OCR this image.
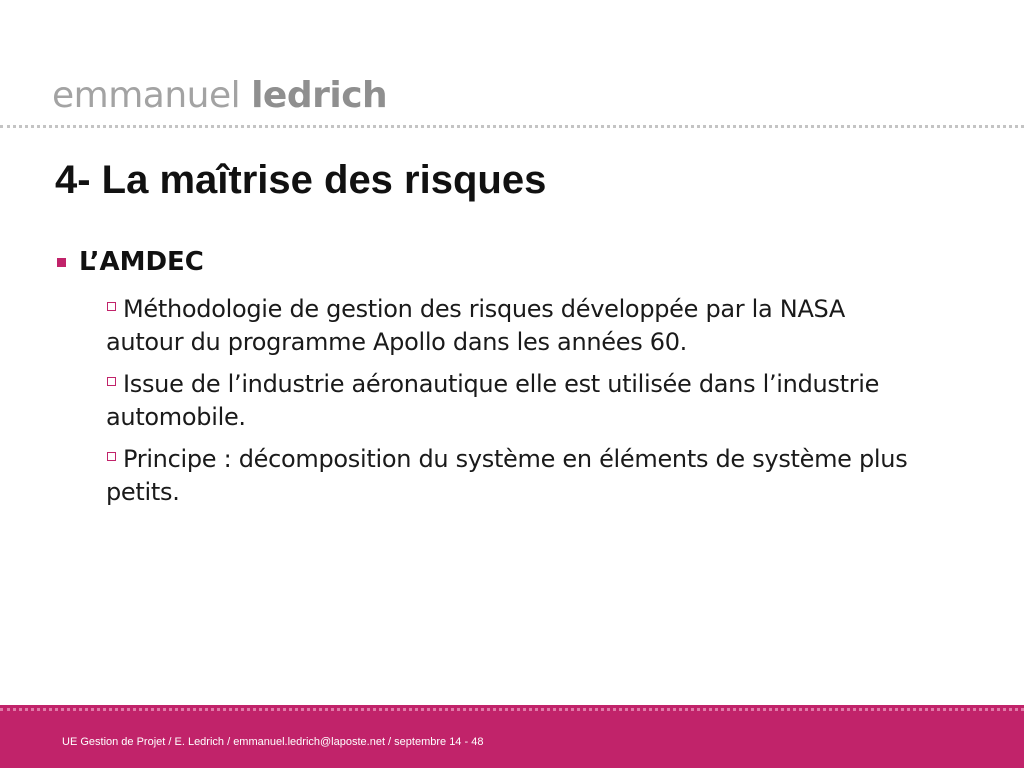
emmanuel ledrich
4- La maîtrise des risques
L’AMDEC
Méthodologie de gestion des risques développée par la NASA autour du programme Apollo dans les années 60.
Issue de l’industrie aéronautique elle est utilisée dans l’industrie automobile.
Principe : décomposition du système en éléments de système plus petits.
UE Gestion de Projet / E. Ledrich / emmanuel.ledrich@laposte.net / septembre 14 - 48
